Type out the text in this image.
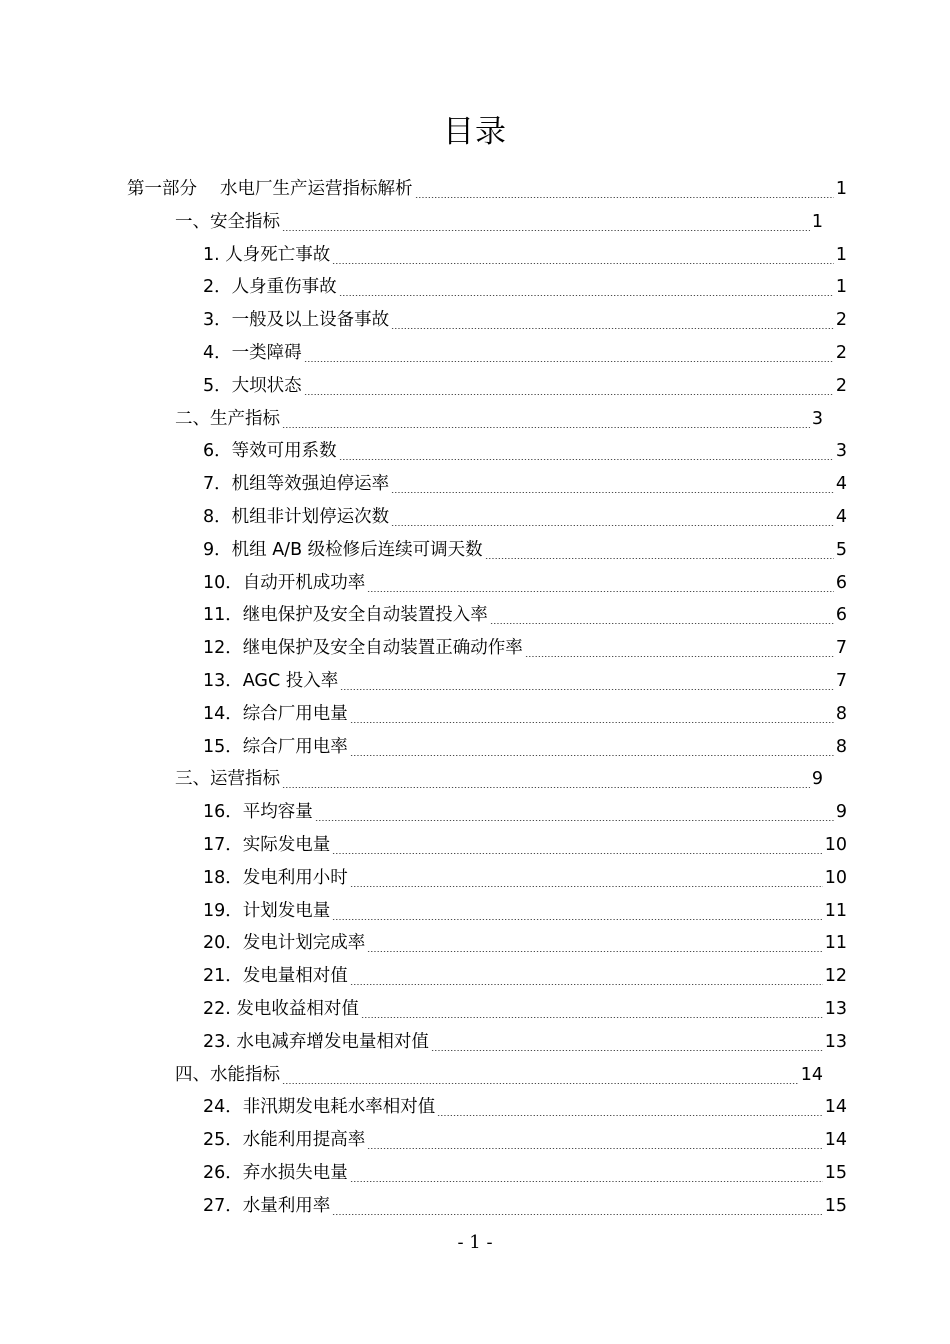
目录
第一部分　 水电厂生产运营指标解析	1
一、安全指标	1
1. 人身死亡事故	1
2．人身重伤事故	1
3．一般及以上设备事故	2
4．一类障碍	2
5．大坝状态	2
二、生产指标	3
6．等效可用系数	3
7．机组等效强迫停运率	4
8．机组非计划停运次数	4
9．机组 A/B 级检修后连续可调天数	5
10．自动开机成功率	6
11．继电保护及安全自动装置投入率	6
12．继电保护及安全自动装置正确动作率	7
13．AGC 投入率	7
14．综合厂用电量	8
15．综合厂用电率	8
三、运营指标	9
16．平均容量	9
17．实际发电量	10
18．发电利用小时	10
19．计划发电量	11
20．发电计划完成率	11
21．发电量相对值	12
22. 发电收益相对值	13
23. 水电减弃增发电量相对值	13
四、水能指标	14
24．非汛期发电耗水率相对值	14
25．水能利用提高率	14
26．弃水损失电量	15
27．水量利用率	15
- 1 -
